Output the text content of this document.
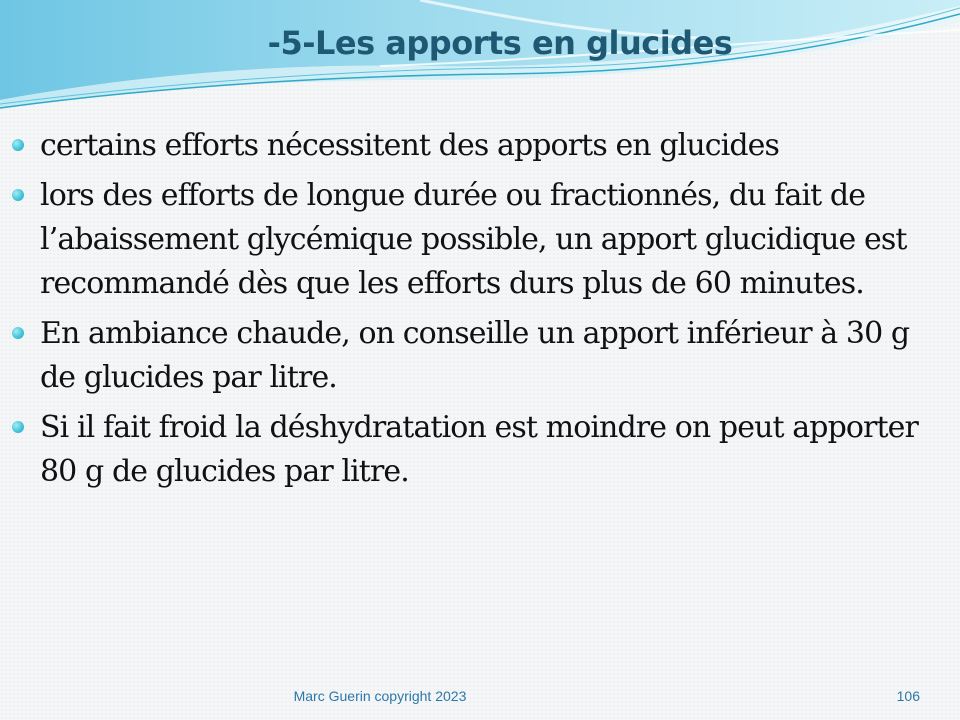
-5-Les apports en glucides
certains efforts nécessitent des apports en glucides
lors des efforts de longue durée ou fractionnés, du fait de l’abaissement glycémique possible, un apport glucidique est recommandé dès que les efforts durs plus de 60 minutes.
En ambiance chaude, on conseille un apport inférieur à 30 g de glucides par litre.
Si il fait froid la déshydratation est moindre on peut apporter 80 g de glucides par litre.
Marc Guerin copyright 2023	106
